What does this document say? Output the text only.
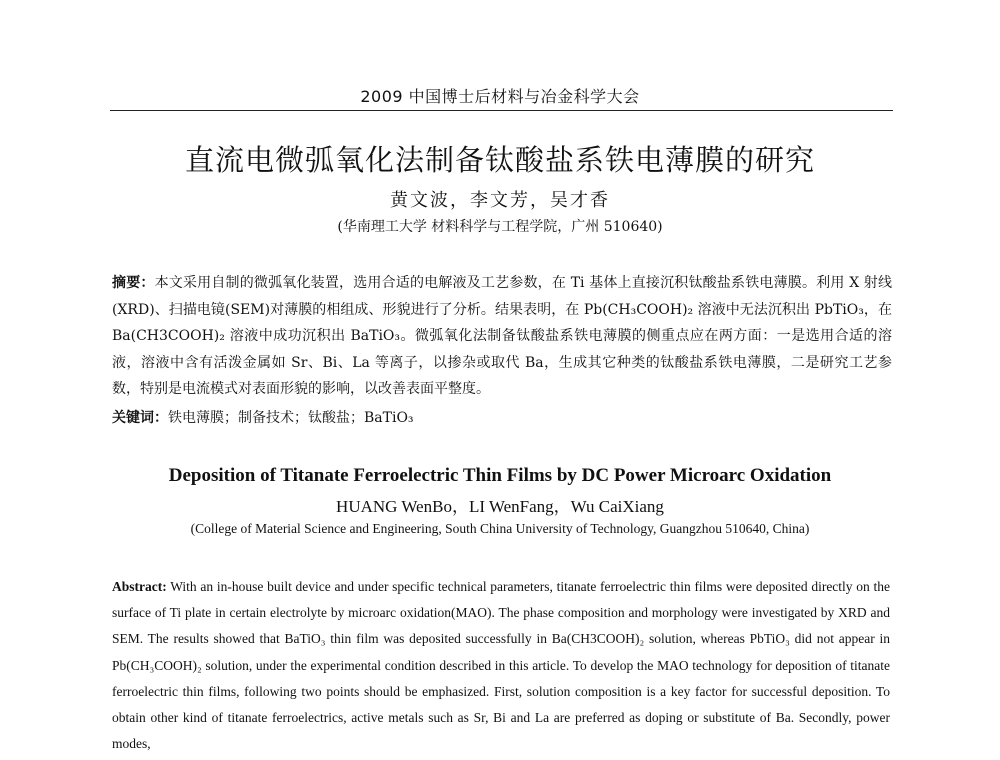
2009 中国博士后材料与冶金科学大会
直流电微弧氧化法制备钛酸盐系铁电薄膜的研究
黄文波，李文芳，吴才香
(华南理工大学 材料科学与工程学院，广州 510640)
摘要：本文采用自制的微弧氧化装置，选用合适的电解液及工艺参数，在 Ti 基体上直接沉积钛酸盐系铁电薄膜。利用 X 射线(XRD)、扫描电镜(SEM)对薄膜的相组成、形貌进行了分析。结果表明，在 Pb(CH₃COOH)₂ 溶液中无法沉积出 PbTiO₃，在 Ba(CH3COOH)₂ 溶液中成功沉积出 BaTiO₃。微弧氧化法制备钛酸盐系铁电薄膜的侧重点应在两方面：一是选用合适的溶液，溶液中含有活泼金属如 Sr、Bi、La 等离子，以掺杂或取代 Ba，生成其它种类的钛酸盐系铁电薄膜，二是研究工艺参数，特别是电流模式对表面形貌的影响，以改善表面平整度。
关键词：铁电薄膜；制备技术；钛酸盐；BaTiO₃
Deposition of Titanate Ferroelectric Thin Films by DC Power Microarc Oxidation
HUANG WenBo，LI WenFang，Wu CaiXiang
(College of Material Science and Engineering, South China University of Technology, Guangzhou 510640, China)
Abstract: With an in-house built device and under specific technical parameters, titanate ferroelectric thin films were deposited directly on the surface of Ti plate in certain electrolyte by microarc oxidation(MAO). The phase composition and morphology were investigated by XRD and SEM. The results showed that BaTiO₃ thin film was deposited successfully in Ba(CH3COOH)₂ solution, whereas PbTiO₃ did not appear in Pb(CH₃COOH)₂ solution, under the experimental condition described in this article. To develop the MAO technology for deposition of titanate ferroelectric thin films, following two points should be emphasized. First, solution composition is a key factor for successful deposition. To obtain other kind of titanate ferroelectrics, active metals such as Sr, Bi and La are preferred as doping or substitute of Ba. Secondly, power modes,
